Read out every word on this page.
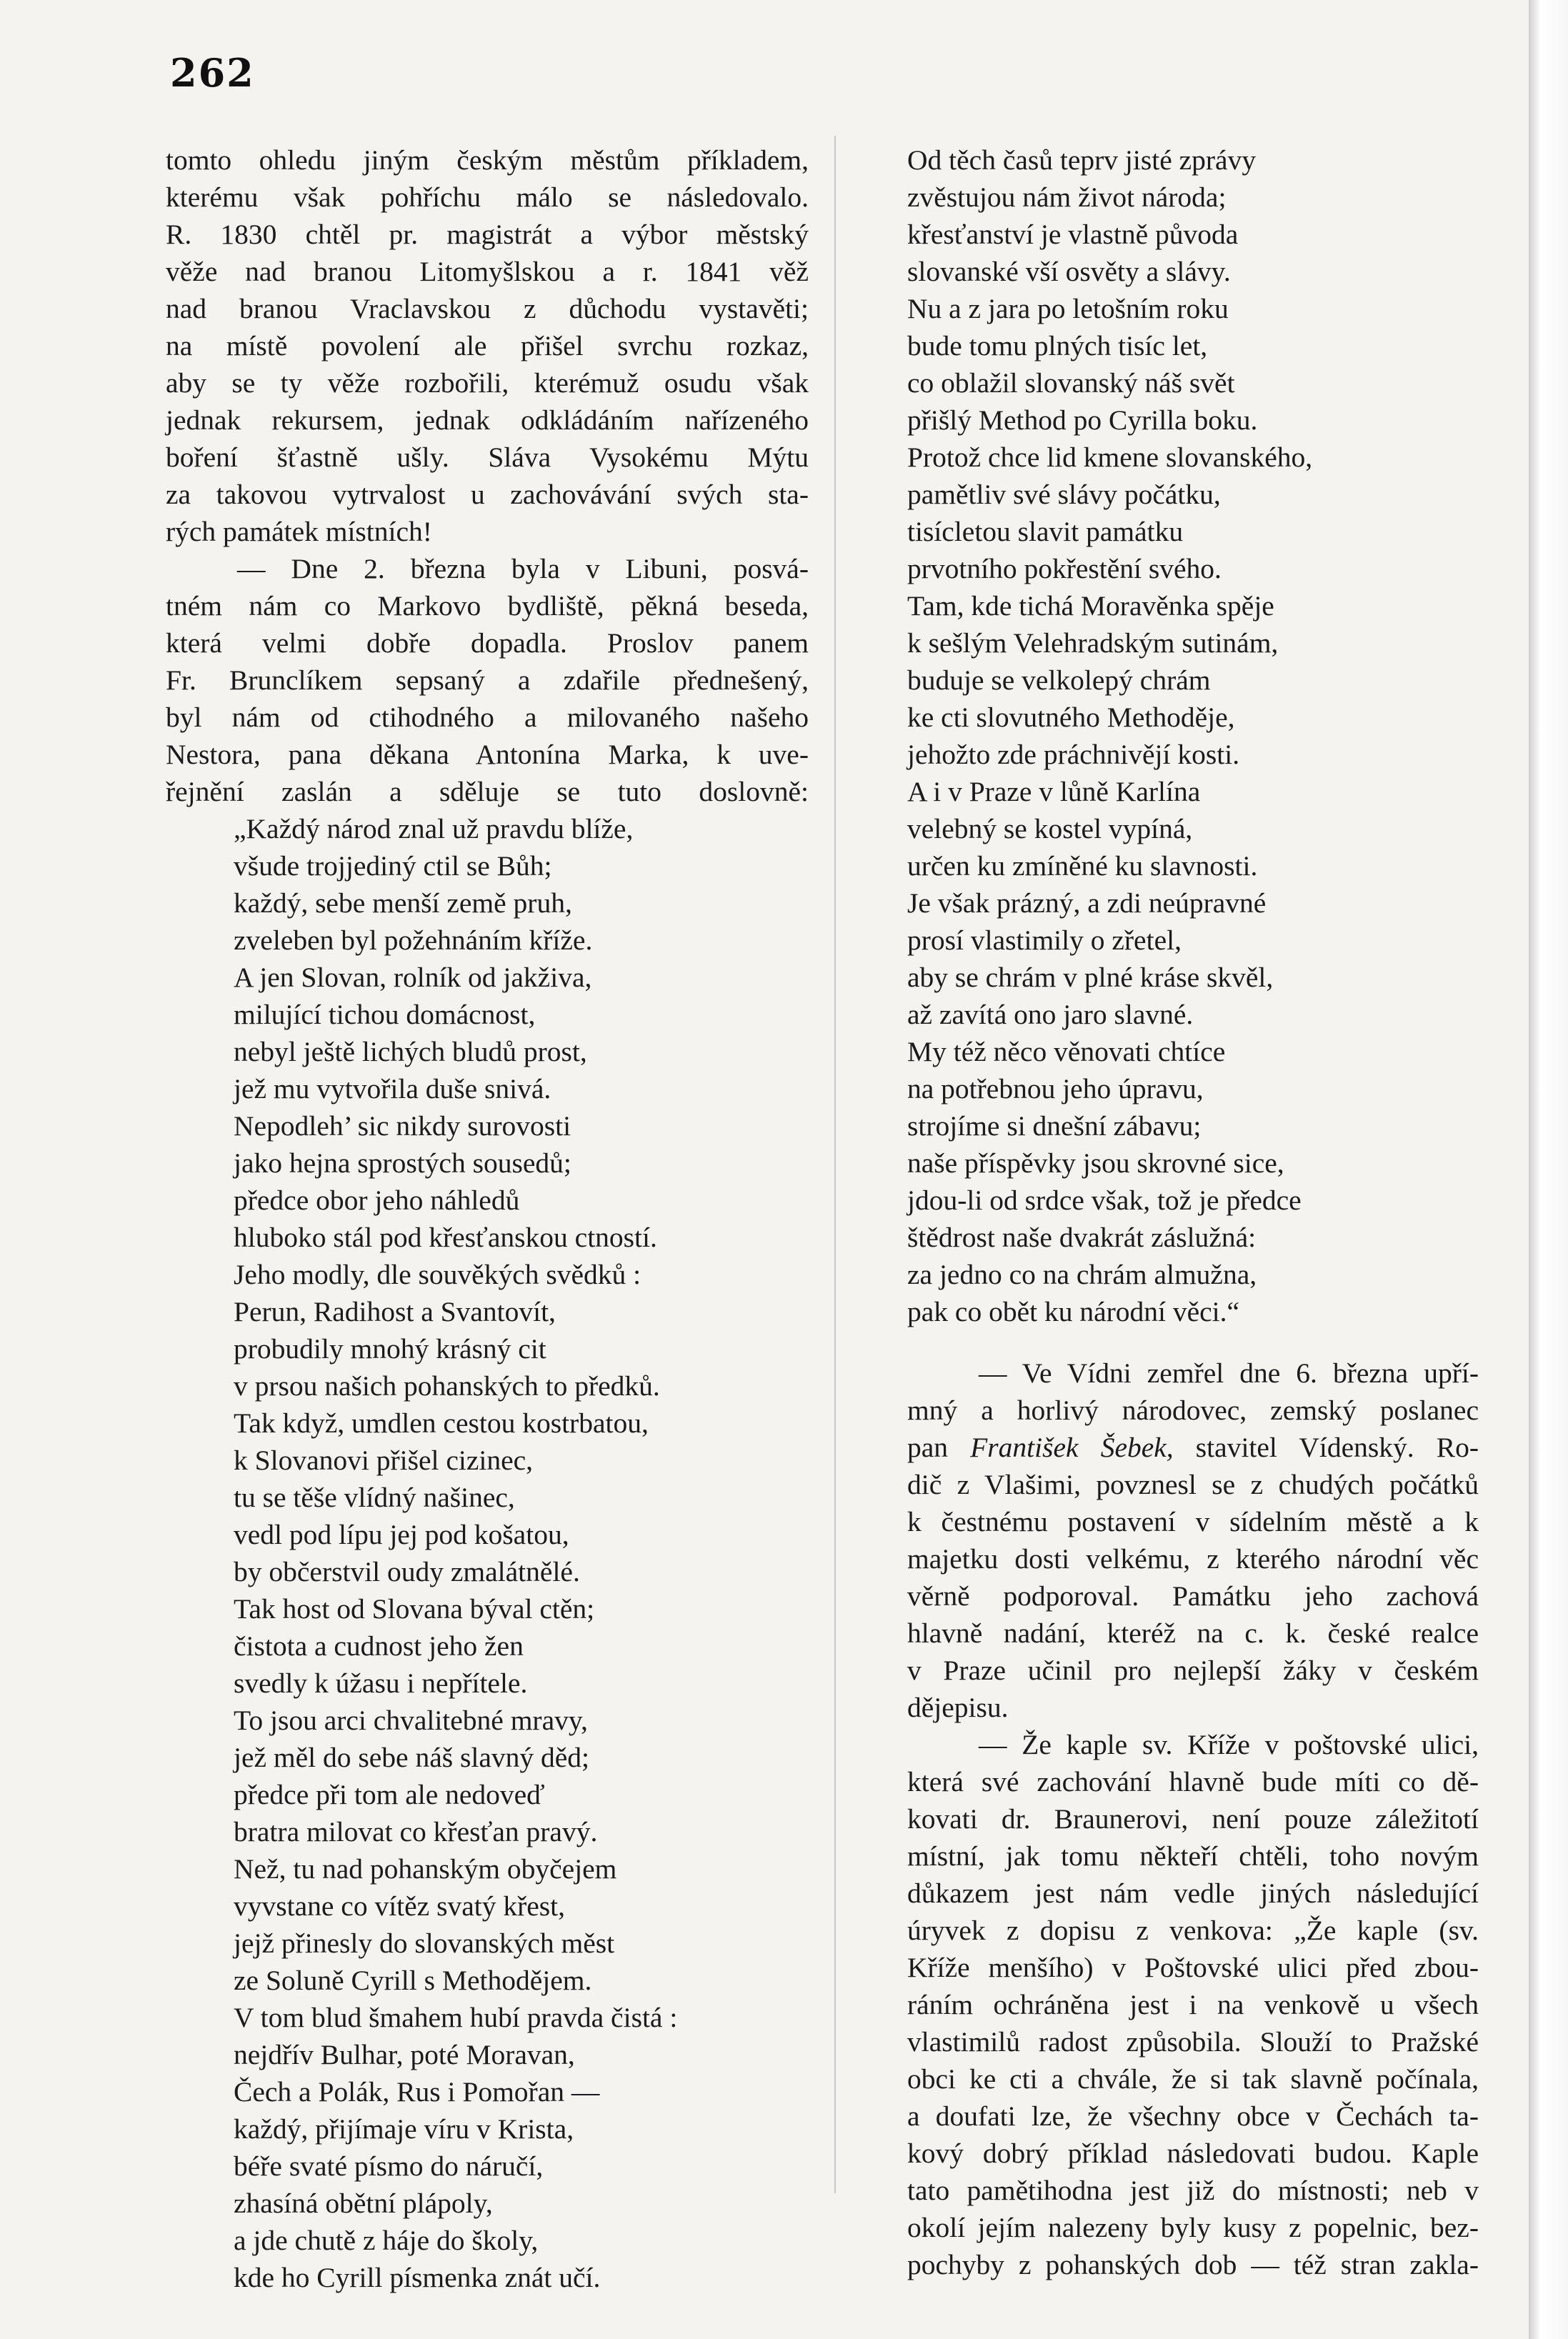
262
tomto ohledu jiným českým městům příkladem,
kterému však pohříchu málo se následovalo.
R. 1830 chtěl pr. magistrát a výbor městský
věže nad branou Litomyšlskou a r. 1841 věž
nad branou Vraclavskou z důchodu vystavěti;
na místě povolení ale přišel svrchu rozkaz,
aby se ty věže rozbořili, kterémuž osudu však
jednak rekursem, jednak odkládáním nařízeného
boření šťastně ušly. Sláva Vysokému Mýtu
za takovou vytrvalost u zachovávání svých sta-
rých památek místních!
— Dne 2. března byla v Libuni, posvá-
tném nám co Markovo bydliště, pěkná beseda,
která velmi dobře dopadla. Proslov panem
Fr. Brunclíkem sepsaný a zdařile přednešený,
byl nám od ctihodného a milovaného našeho
Nestora, pana děkana Antonína Marka, k uve-
řejnění zaslán a sděluje se tuto doslovně:
„Každý národ znal už pravdu blíže,
všude trojjediný ctil se Bůh;
každý, sebe menší země pruh,
zveleben byl požehnáním kříže.
A jen Slovan, rolník od jakživa,
milující tichou domácnost,
nebyl ještě lichých bludů prost,
jež mu vytvořila duše snivá.
Nepodleh’ sic nikdy surovosti
jako hejna sprostých sousedů;
předce obor jeho náhledů
hluboko stál pod křesťanskou ctností.
Jeho modly, dle souvěkých svědků :
Perun, Radihost a Svantovít,
probudily mnohý krásný cit
v prsou našich pohanských to předků.
Tak když, umdlen cestou kostrbatou,
k Slovanovi přišel cizinec,
tu se těše vlídný našinec,
vedl pod lípu jej pod košatou,
by občerstvil oudy zmalátnělé.
Tak host od Slovana býval ctěn;
čistota a cudnost jeho žen
svedly k úžasu i nepřítele.
To jsou arci chvalitebné mravy,
jež měl do sebe náš slavný děd;
předce při tom ale nedoveď
bratra milovat co křesťan pravý.
Než, tu nad pohanským obyčejem
vyvstane co vítěz svatý křest,
jejž přinesly do slovanských měst
ze Soluně Cyrill s Methodějem.
V tom blud šmahem hubí pravda čistá :
nejdřív Bulhar, poté Moravan,
Čech a Polák, Rus i Pomořan —
každý, přijímaje víru v Krista,
béře svaté písmo do náručí,
zhasíná obětní plápoly,
a jde chutě z háje do školy,
kde ho Cyrill písmenka znát učí.
Od těch časů teprv jisté zprávy
zvěstujou nám život národa;
křesťanství je vlastně původa
slovanské vší osvěty a slávy.
Nu a z jara po letošním roku
bude tomu plných tisíc let,
co oblažil slovanský náš svět
přišlý Method po Cyrilla boku.
Protož chce lid kmene slovanského,
pamětliv své slávy počátku,
tisícletou slavit památku
prvotního pokřestění svého.
Tam, kde tichá Moravěnka spěje
k sešlým Velehradským sutinám,
buduje se velkolepý chrám
ke cti slovutného Methoděje,
jehožto zde práchnivějí kosti.
A i v Praze v lůně Karlína
velebný se kostel vypíná,
určen ku zmíněné ku slavnosti.
Je však prázný, a zdi neúpravné
prosí vlastimily o zřetel,
aby se chrám v plné kráse skvěl,
až zavítá ono jaro slavné.
My též něco věnovati chtíce
na potřebnou jeho úpravu,
strojíme si dnešní zábavu;
naše příspěvky jsou skrovné sice,
jdou-li od srdce však, tož je předce
štědrost naše dvakrát záslužná:
za jedno co na chrám almužna,
pak co obět ku národní věci.“
— Ve Vídni zemřel dne 6. března upří-
mný a horlivý národovec, zemský poslanec
pan František Šebek, stavitel Vídenský. Ro-
dič z Vlašimi, povznesl se z chudých počátků
k čestnému postavení v sídelním městě a k
majetku dosti velkému, z kterého národní věc
věrně podporoval. Památku jeho zachová
hlavně nadání, kteréž na c. k. české realce
v Praze učinil pro nejlepší žáky v českém
dějepisu.
— Že kaple sv. Kříže v poštovské ulici,
která své zachování hlavně bude míti co dě-
kovati dr. Braunerovi, není pouze záležitotí
místní, jak tomu někteří chtěli, toho novým
důkazem jest nám vedle jiných následující
úryvek z dopisu z venkova: „Že kaple (sv.
Kříže menšího) v Poštovské ulici před zbou-
ráním ochráněna jest i na venkově u všech
vlastimilů radost způsobila. Slouží to Pražské
obci ke cti a chvále, že si tak slavně počínala,
a doufati lze, že všechny obce v Čechách ta-
kový dobrý příklad následovati budou. Kaple
tato pamětihodna jest již do místnosti; neb v
okolí jejím nalezeny byly kusy z popelnic, bez-
pochyby z pohanských dob — též stran zakla-
